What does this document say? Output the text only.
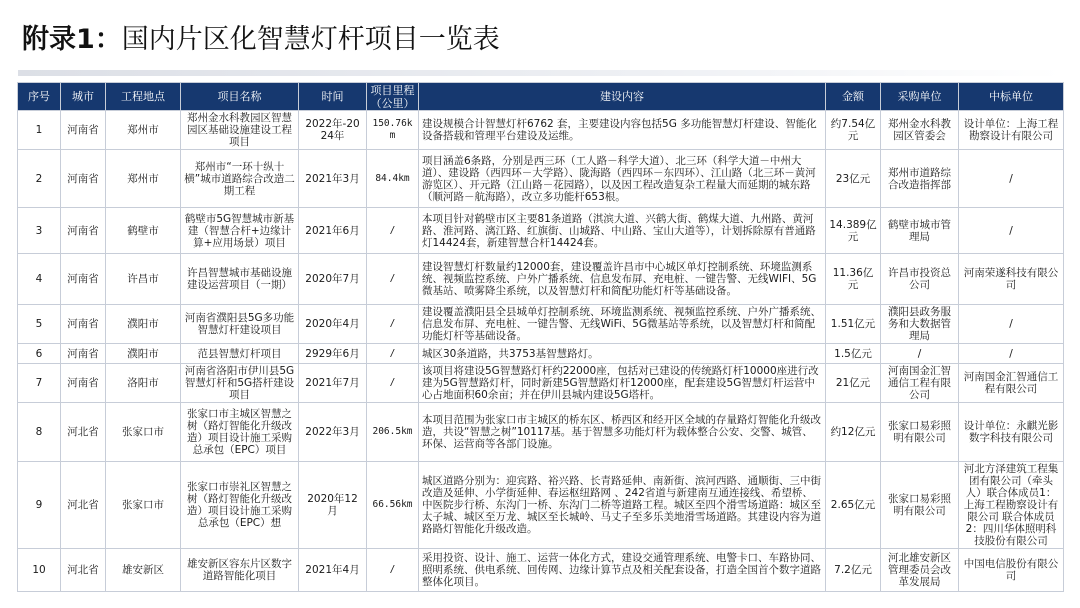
附录1：国内片区化智慧灯杆项目一览表
序号	城市	工程地点	项目名称	时间	项目里程（公里）	建设内容	金额	采购单位	中标单位
1	河南省	郑州市	郑州金水科教园区智慧园区基础设施建设工程项目	2022年-2024年	150.76km	建设规模合计智慧灯杆6762 套，主要建设内容包括5G 多功能智慧灯杆建设、智能化设备搭载和管理平台建设及运维。	约7.54亿元	郑州金水科教园区管委会	设计单位：上海工程勘察设计有限公司
2	河南省	郑州市	郑州市“一环十纵十横”城市道路综合改造二期工程	2021年3月	84.4km	项目涵盖6条路，分别是西三环（工人路－科学大道）、北三环（科学大道－中州大道）、建设路（西四环－大学路）、陇海路（西四环－东四环）、江山路（北三环－黄河游览区）、开元路（江山路－花园路），以及因工程改造复杂工程量大而延期的城东路（顺河路－航海路），改立多功能杆653根。	23亿元	郑州市道路综合改造指挥部	/
3	河南省	鹤壁市	鹤壁市5G智慧城市新基建（智慧合杆+边缘计算+应用场景）项目	2021年6月	/	本项目针对鹤壁市区主要81条道路（淇滨大道、兴鹤大街、鹤煤大道、九州路、黄河路、淮河路、漓江路、红旗街、山城路、中山路、宝山大道等），计划拆除原有普通路灯14424套，新建智慧合杆14424套。	14.389亿元	鹤壁市城市管理局	/
4	河南省	许昌市	许昌智慧城市基础设施建设运营项目（一期）	2020年7月	/	建设智慧灯杆数量约12000套，建设覆盖许昌市中心城区单灯控制系统、环境监测系统、视频监控系统、户外广播系统、信息发布屏、充电桩、一键告警、无线WIFI、5G微基站、喷雾降尘系统，以及智慧灯杆和简配功能灯杆等基础设备。	11.36亿元	许昌市投资总公司	河南荣遂科技有限公司
5	河南省	濮阳市	河南省濮阳县5G多功能智慧灯杆建设项目	2020年4月	/	建设覆盖濮阳县全县城单灯控制系统、环境监测系统、视频监控系统、户外广播系统、信息发布屏、充电桩、一键告警、无线WiFi、5G微基站等系统，以及智慧灯杆和简配功能灯杆等基础设备。	1.51亿元	濮阳县政务服务和大数据管理局	/
6	河南省	濮阳市	范县智慧灯杆项目	2929年6月	/	城区30条道路，共3753基智慧路灯。	1.5亿元	/	/
7	河南省	洛阳市	河南省洛阳市伊川县5G智慧灯杆和5G搭杆建设项目	2021年7月	/	该项目将建设5G智慧路灯杆约22000座，包括对已建设的传统路灯杆10000座进行改建为5G智慧路灯杆，同时新建5G智慧路灯杆12000座，配套建设5G智慧灯杆运营中心占地面积60余亩；并在伊川县城内建设5G塔杆。	21亿元	河南国金汇智通信工程有限公司	河南国金汇智通信工程有限公司
8	河北省	张家口市	张家口市主城区智慧之树（路灯智能化升级改造）项目设计施工采购总承包（EPC）项目	2022年3月	206.5km	本项目范围为张家口市主城区的桥东区、桥西区和经开区全域的存量路灯智能化升级改造，共设“智慧之树”10117基。基于智慧多功能灯杆为载体整合公安、交警、城管、环保、运营商等各部门设施。	约12亿元	张家口易彩照明有限公司	设计单位：永麒光影数字科技有限公司
9	河北省	张家口市	张家口市崇礼区智慧之树（路灯智能化升级改造）项目设计施工采购总承包（EPC）想	2020年12月	66.56km	城区道路分别为：迎宾路、裕兴路、长青路延伸、南新街、滨河西路、通顺街、三中街改造及延伸、小学街延伸、春运枢纽路网 、242省道与新建南互通连接线、希望桥、中医院步行桥、东沟门一桥、东沟门二桥等道路工程。城区至四个滑雪场道路：城区至太子城、城区至万龙、城区至长城岭、马丈子至多乐美地滑雪场道路。其建设内容为道路路灯智能化升级改造。	2.65亿元	张家口易彩照明有限公司	河北方泽建筑工程集团有限公司（牵头人）联合体成员1：上海工程勘察设计有限公司 联合体成员2：四川华体照明科技股份有限公司
10	河北省	雄安新区	雄安新区容东片区数字道路智能化项目	2021年4月	/	采用投资、设计、施工、运营一体化方式，建设交通管理系统、电警卡口、车路协同、照明系统、供电系统、回传网、边缘计算节点及相关配套设备，打造全国首个数字道路整体化项目。	7.2亿元	河北雄安新区管理委员会改革发展局	中国电信股份有限公司
